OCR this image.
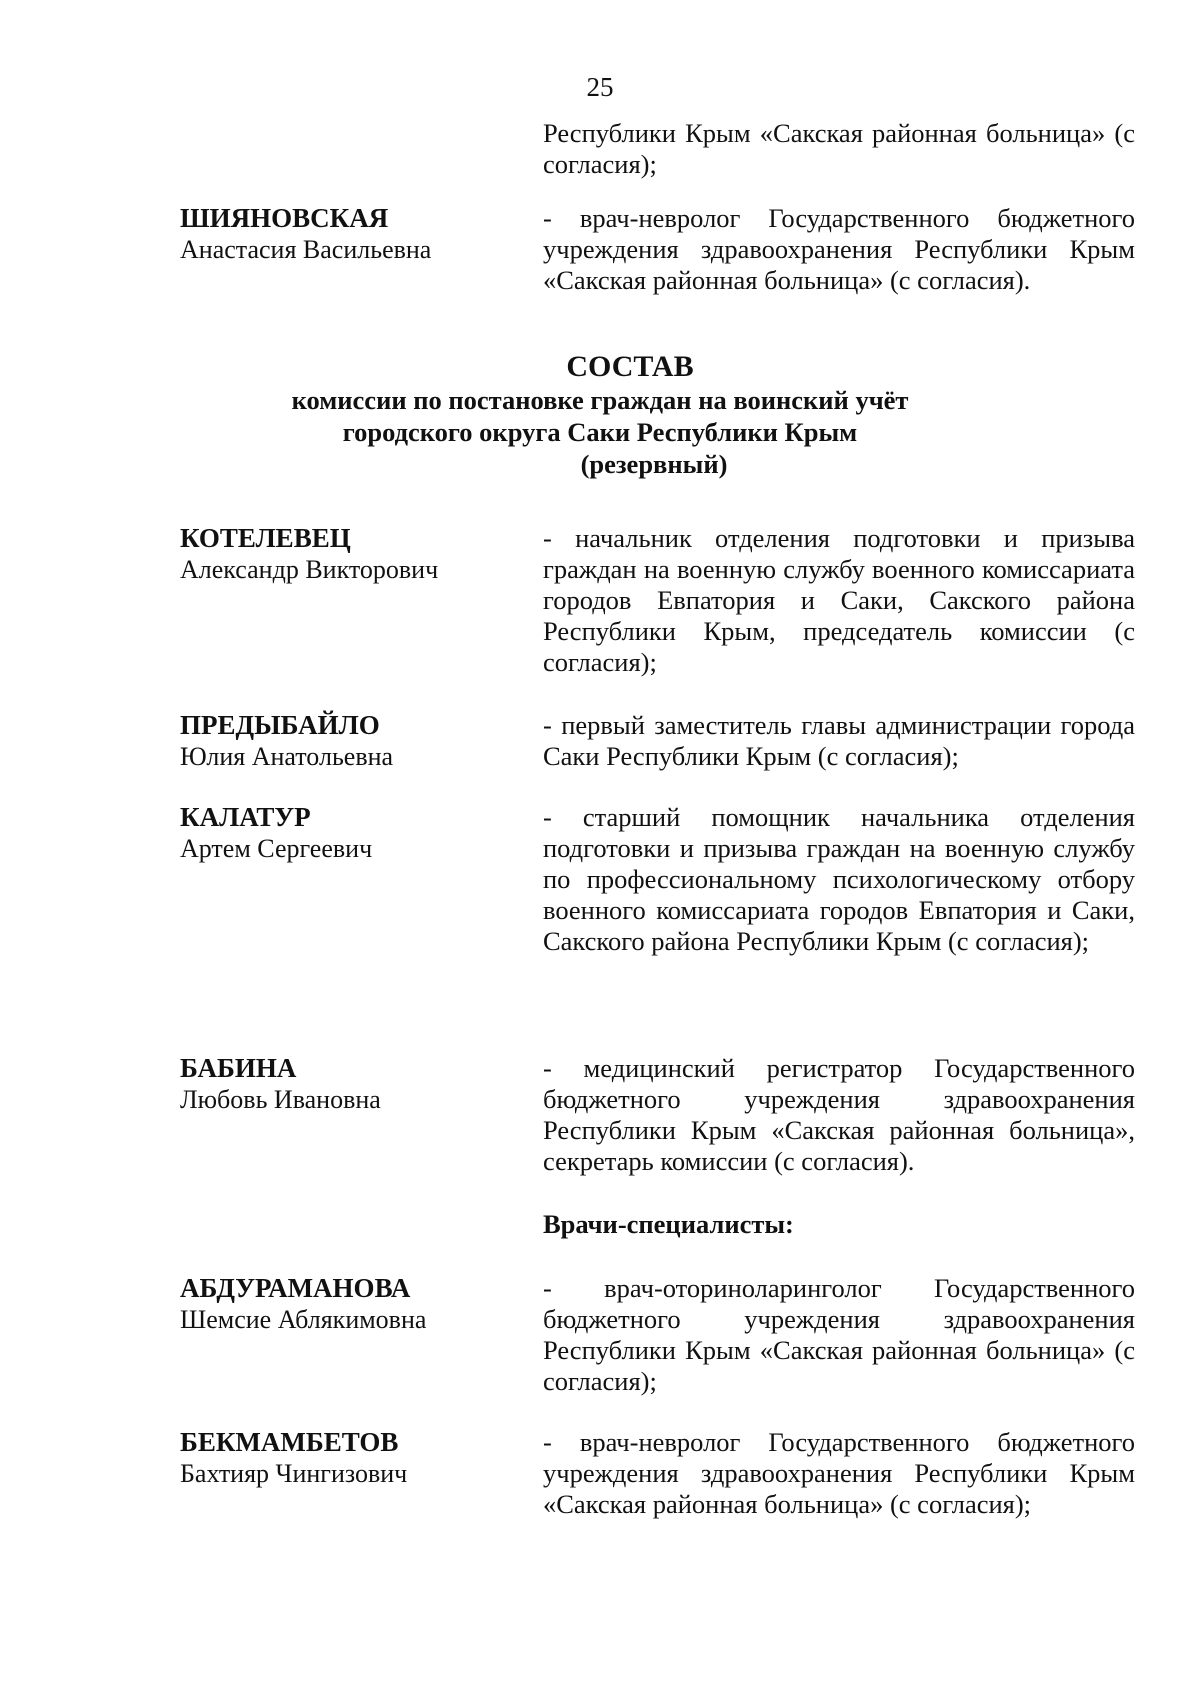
25
Республики Крым «Сакская районная больница» (с согласия);
ШИЯНОВСКАЯ
Анастасия Васильевна
- врач-невролог Государственного бюджетного учреждения здравоохранения Республики Крым «Сакская районная больница» (с согласия).
СОСТАВ
комиссии по постановке граждан на воинский учёт
городского округа Саки Республики Крым
(резервный)
КОТЕЛЕВЕЦ
Александр Викторович
- начальник отделения подготовки и призыва граждан на военную службу военного комиссариата городов Евпатория и Саки, Сакского района Республики Крым, председатель комиссии (с согласия);
ПРЕДЫБАЙЛО
Юлия Анатольевна
- первый заместитель главы администрации города Саки Республики Крым (с согласия);
КАЛАТУР
Артем Сергеевич
- старший помощник начальника отделения подготовки и призыва граждан на военную службу по профессиональному психологическому отбору военного комиссариата городов Евпатория и Саки, Сакского района Республики Крым (с согласия);
БАБИНА
Любовь Ивановна
- медицинский регистратор Государственного бюджетного учреждения здравоохранения Республики Крым «Сакская районная больница», секретарь комиссии (с согласия).
Врачи-специалисты:
АБДУРАМАНОВА
Шемсие Аблякимовна
- врач-оториноларинголог Государственного бюджетного учреждения здравоохранения Республики Крым «Сакская районная больница» (с согласия);
БЕКМАМБЕТОВ
Бахтияр Чингизович
- врач-невролог Государственного бюджетного учреждения здравоохранения Республики Крым «Сакская районная больница» (с согласия);
